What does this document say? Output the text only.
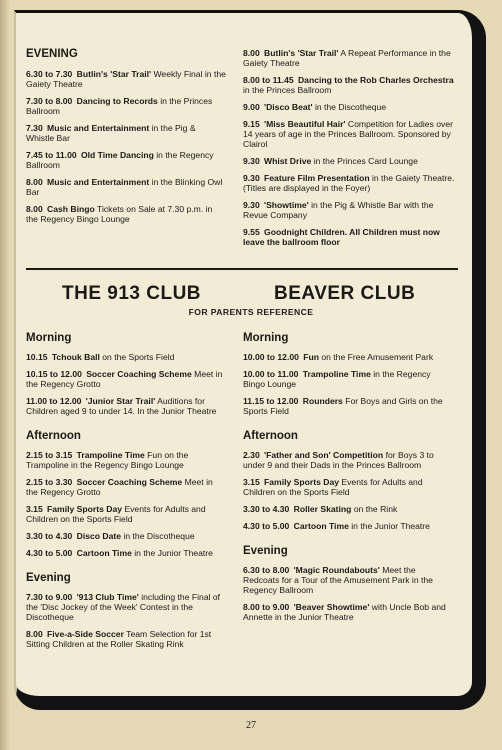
EVENING
6.30 to 7.30  Butlin's 'Star Trail' Weekly Final in the Gaiety Theatre
7.30 to 8.00  Dancing to Records in the Princes Ballroom
7.30  Music and Entertainment in the Pig & Whistle Bar
7.45 to 11.00  Old Time Dancing in the Regency Ballroom
8.00  Music and Entertainment in the Blinking Owl Bar
8.00  Cash Bingo Tickets on Sale at 7.30 p.m. in the Regency Bingo Lounge
8.00  Butlin's 'Star Trail' A Repeat Performance in the Gaiety Theatre
8.00 to 11.45  Dancing to the Rob Charles Orchestra in the Princes Ballroom
9.00  'Disco Beat' in the Discotheque
9.15  'Miss Beautiful Hair' Competition for Ladies over 14 years of age in the Princes Ballroom. Sponsored by Clairol
9.30  Whist Drive in the Princes Card Lounge
9.30  Feature Film Presentation in the Gaiety Theatre. (Titles are displayed in the Foyer)
9.30  'Showtime' in the Pig & Whistle Bar with the Revue Company
9.55  Goodnight Children. All Children must now leave the ballroom floor
THE 913 CLUB	BEAVER CLUB
FOR PARENTS REFERENCE
Morning
10.15  Tchouk Ball on the Sports Field
10.15 to 12.00  Soccer Coaching Scheme Meet in the Regency Grotto
11.00 to 12.00  'Junior Star Trail' Auditions for Children aged 9 to under 14. In the Junior Theatre
Afternoon
2.15 to 3.15  Trampoline Time Fun on the Trampoline in the Regency Bingo Lounge
2.15 to 3.30  Soccer Coaching Scheme Meet in the Regency Grotto
3.15  Family Sports Day Events for Adults and Children on the Sports Field
3.30 to 4.30  Disco Date in the Discotheque
4.30 to 5.00  Cartoon Time in the Junior Theatre
Evening
7.30 to 9.00  '913 Club Time' including the Final of the 'Disc Jockey of the Week' Contest in the Discotheque
8.00  Five-a-Side Soccer Team Selection for 1st Sitting Children at the Roller Skating Rink
Morning
10.00 to 12.00  Fun on the Free Amusement Park
10.00 to 11.00  Trampoline Time in the Regency Bingo Lounge
11.15 to 12.00  Rounders For Boys and Girls on the Sports Field
Afternoon
2.30  'Father and Son' Competition for Boys 3 to under 9 and their Dads in the Princes Ballroom
3.15  Family Sports Day Events for Adults and Children on the Sports Field
3.30 to 4.30  Roller Skating on the Rink
4.30 to 5.00  Cartoon Time in the Junior Theatre
Evening
6.30 to 8.00  'Magic Roundabouts' Meet the Redcoats for a Tour of the Amusement Park in the Regency Ballroom
8.00 to 9.00  'Beaver Showtime' with Uncle Bob and Annette in the Junior Theatre
27
